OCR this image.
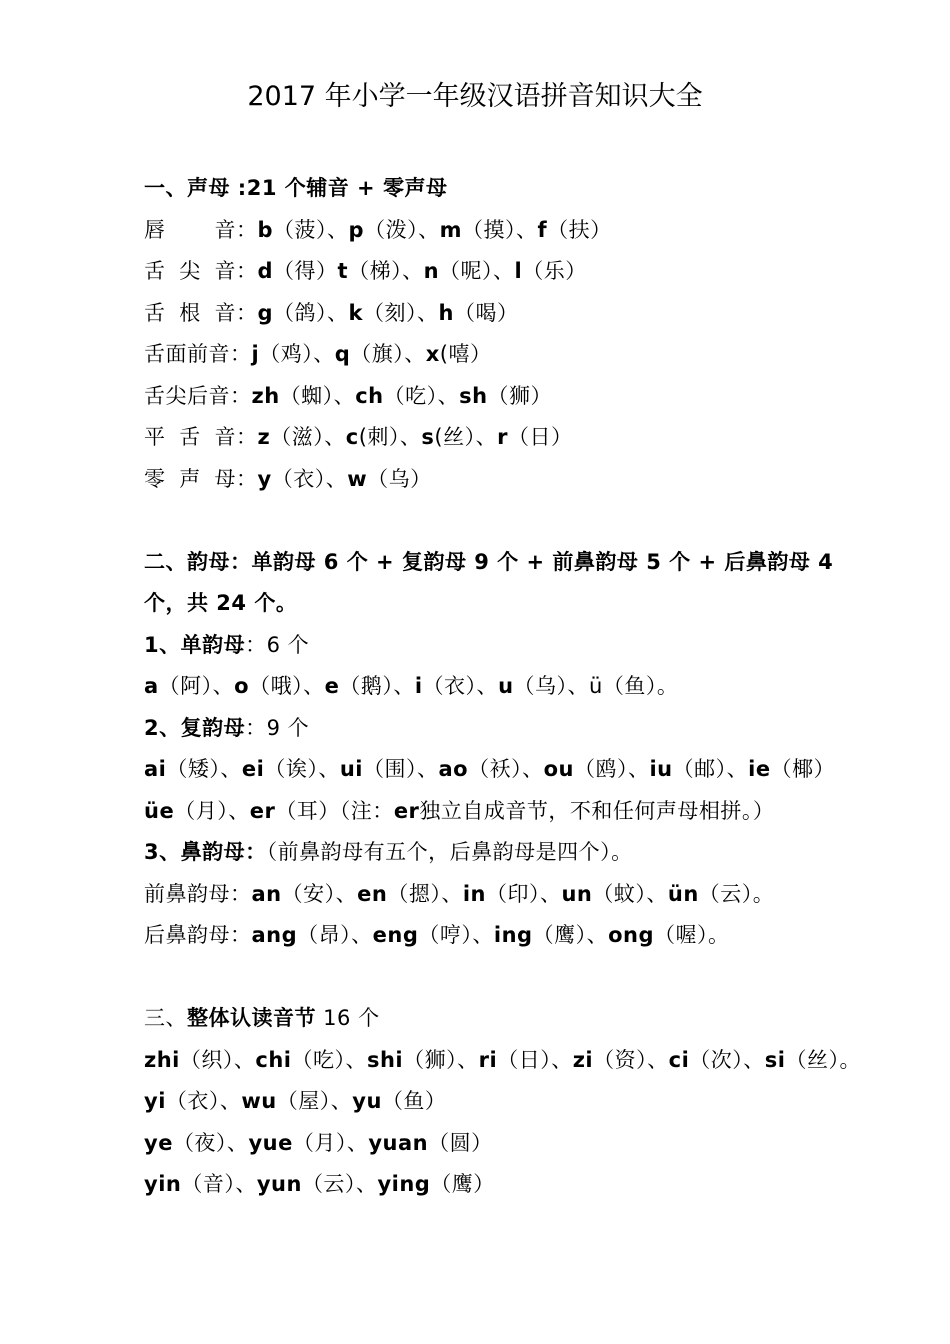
2017 年小学一年级汉语拼音知识大全
一、声母 :21 个辅音 + 零声母
唇 音：b（菠）、p（泼）、m（摸）、f（扶）
舌尖音：d（得）t（梯）、n（呢）、l（乐）
舌根音：g（鸽）、k（刻）、h（喝）
舌面前音：j（鸡）、q（旗）、x(嘻）
舌尖后音：zh（蜘）、ch（吃）、sh（狮）
平舌音：z（滋）、c(刺）、s(丝）、r（日）
零声母：y（衣）、w（乌）
二、韵母：单韵母 6 个 + 复韵母 9 个 + 前鼻韵母 5 个 + 后鼻韵母 4
个，共 24 个。
1、单韵母：6 个
a（阿）、o（哦）、e（鹅）、i（衣）、u（乌）、ü（鱼）。
2、复韵母：9 个
ai（矮）、ei（诶）、ui（围）、ao（袄）、ou（鸥）、iu（邮）、ie（椰）
üe（月）、er（耳）（注：er独立自成音节，不和任何声母相拼。）
3、鼻韵母：（前鼻韵母有五个，后鼻韵母是四个）。
前鼻韵母：an（安）、en（摁）、in（印）、un（蚊）、ün（云）。
后鼻韵母：ang（昂）、eng（哼）、ing（鹰）、ong（喔）。
三、整体认读音节 16 个
zhi（织）、chi（吃）、shi（狮）、ri（日）、zi（资）、ci（次）、si（丝）。
yi（衣）、wu（屋）、yu（鱼）
ye（夜）、yue（月）、yuan（圆）
yin（音）、yun（云）、ying（鹰）
